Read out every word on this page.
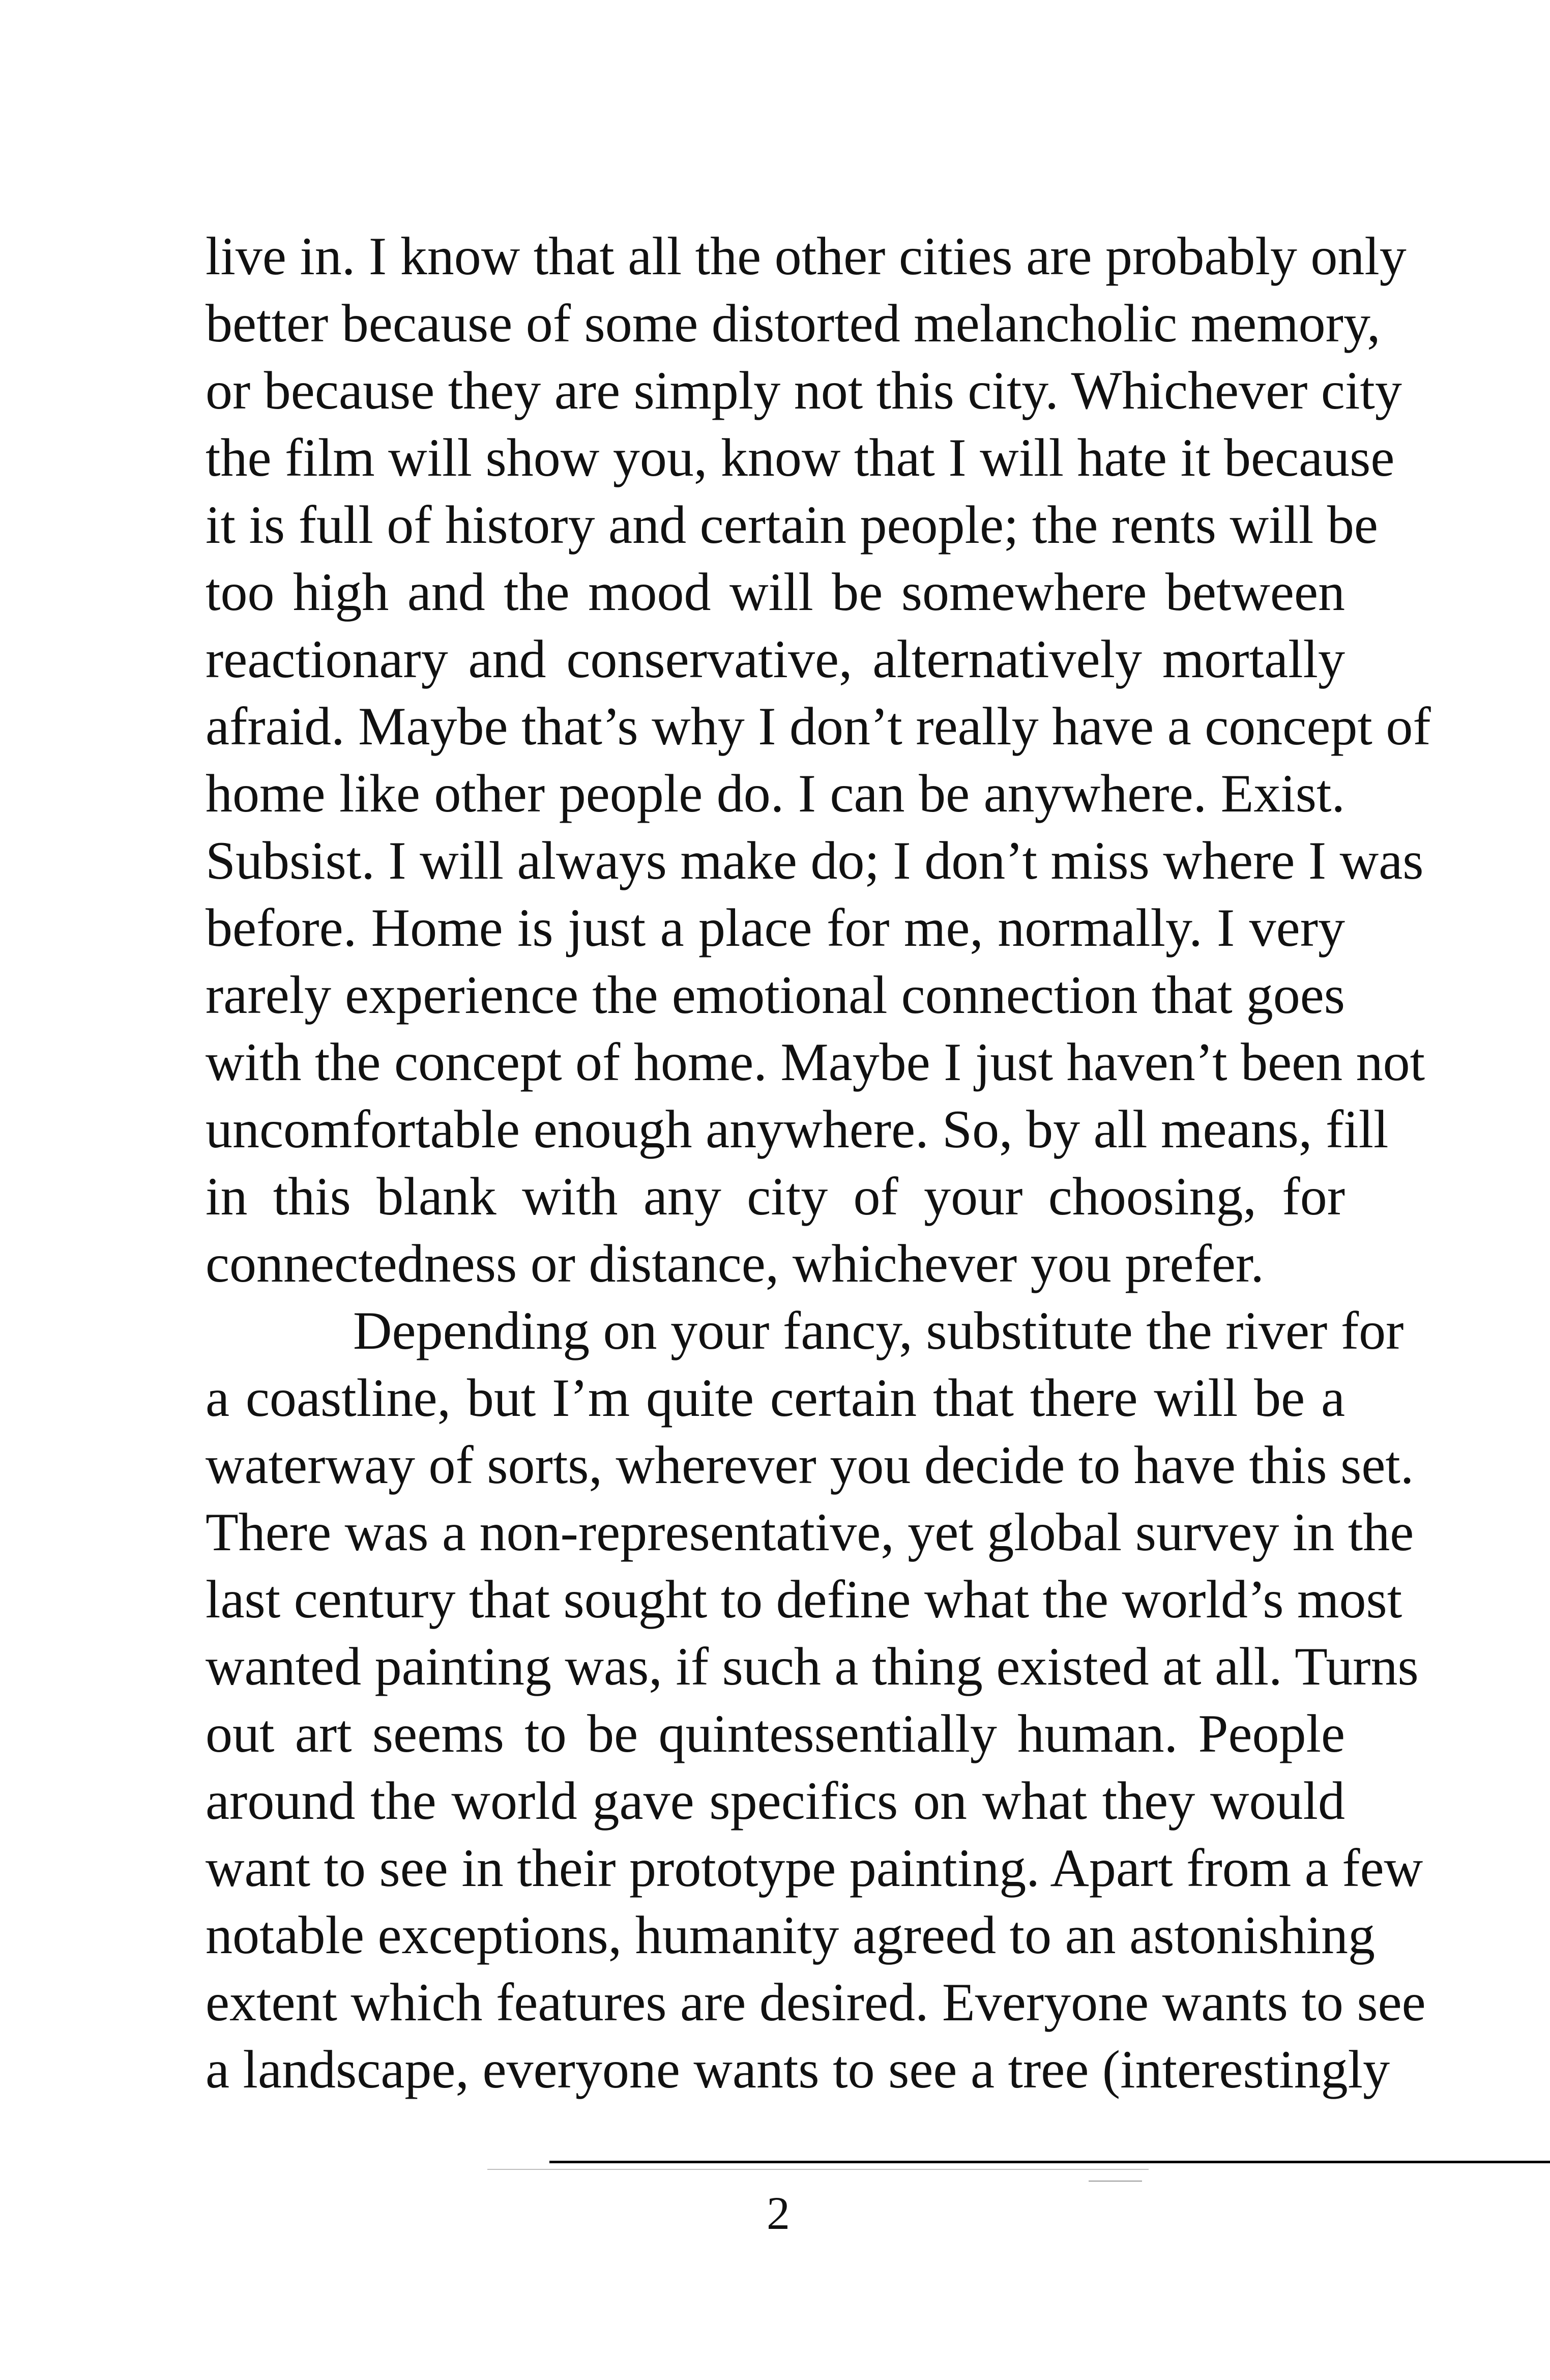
live in. I know that all the other cities are probably only
better because of some distorted melancholic memory,
or because they are simply not this city. Whichever city
the film will show you, know that I will hate it because
it is full of history and certain people; the rents will be
too high and the mood will be somewhere between
reactionary and conservative, alternatively mortally
afraid. Maybe that’s why I don’t really have a concept of
home like other people do. I can be anywhere. Exist.
Subsist. I will always make do; I don’t miss where I was
before. Home is just a place for me, normally. I very
rarely experience the emotional connection that goes
with the concept of home. Maybe I just haven’t been not
uncomfortable enough anywhere. So, by all means, fill
in this blank with any city of your choosing, for
connectedness or distance, whichever you prefer.
Depending on your fancy, substitute the river for
a coastline, but I’m quite certain that there will be a
waterway of sorts, wherever you decide to have this set.
There was a non-representative, yet global survey in the
last century that sought to define what the world’s most
wanted painting was, if such a thing existed at all. Turns
out art seems to be quintessentially human. People
around the world gave specifics on what they would
want to see in their prototype painting. Apart from a few
notable exceptions, humanity agreed to an astonishing
extent which features are desired. Everyone wants to see
a landscape, everyone wants to see a tree (interestingly
2
